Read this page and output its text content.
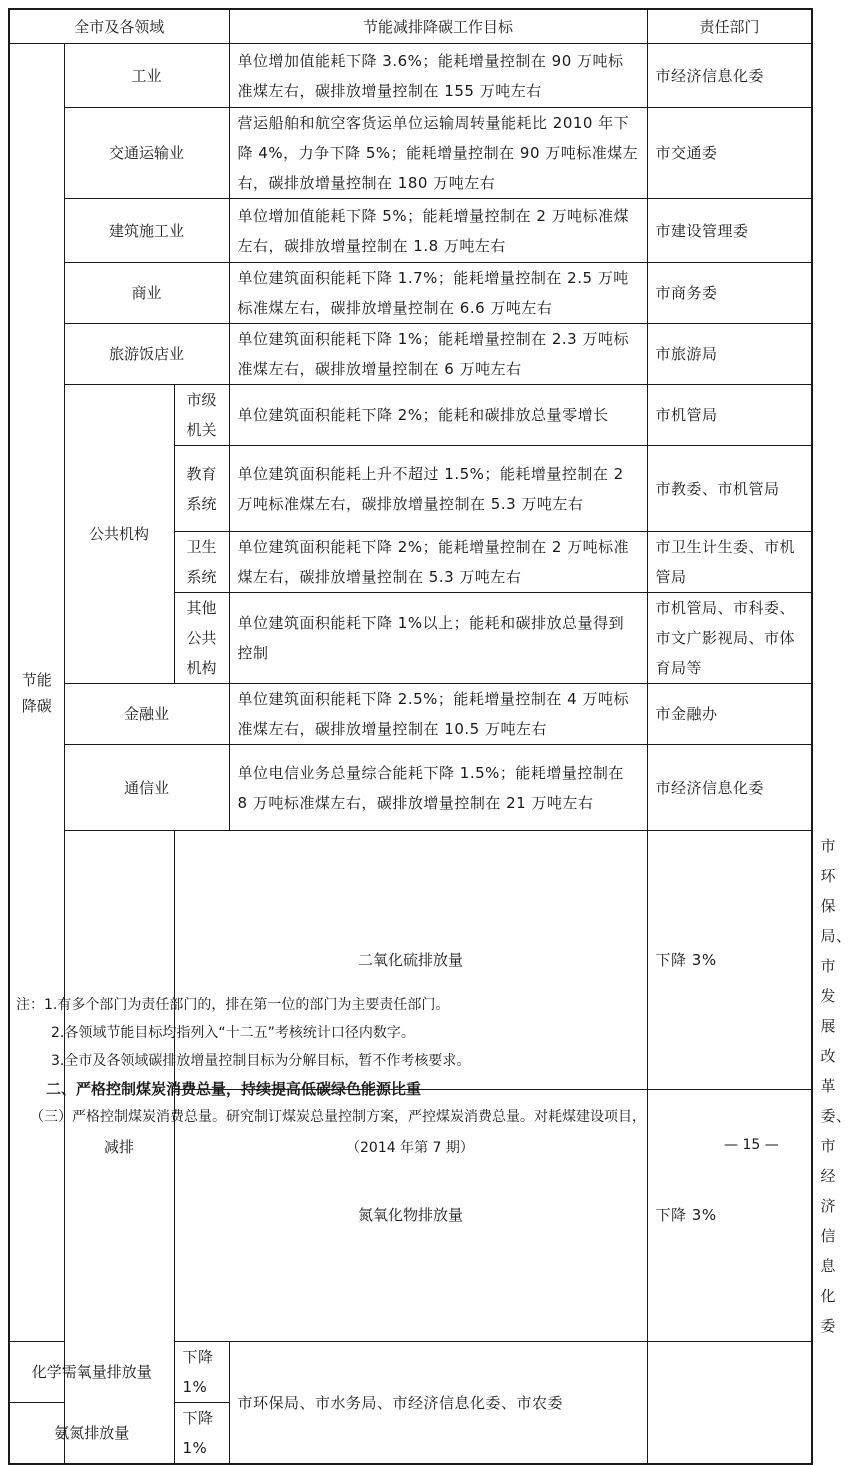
全市及各领域			节能减排降碳工作目标	责任部门	
节能
降碳	工业		单位增加值能耗下降 3.6%；能耗增量控制在 90 万吨标准煤左右，碳排放增量控制在 155 万吨左右	市经济信息化委	
	交通运输业		营运船舶和航空客货运单位运输周转量能耗比 2010 年下降 4%，力争下降 5%；能耗增量控制在 90 万吨标准煤左右，碳排放增量控制在 180 万吨左右	市交通委	
	建筑施工业		单位增加值能耗下降 5%；能耗增量控制在 2 万吨标准煤左右，碳排放增量控制在 1.8 万吨左右	市建设管理委	
	商业		单位建筑面积能耗下降 1.7%；能耗增量控制在 2.5 万吨标准煤左右，碳排放增量控制在 6.6 万吨左右	市商务委	
	旅游饭店业		单位建筑面积能耗下降 1%；能耗增量控制在 2.3 万吨标准煤左右，碳排放增量控制在 6 万吨左右	市旅游局	
	公共机构	市级
机关	单位建筑面积能耗下降 2%；能耗和碳排放总量零增长	市机管局	
		教育
系统	单位建筑面积能耗上升不超过 1.5%；能耗增量控制在 2 万吨标准煤左右，碳排放增量控制在 5.3 万吨左右	市教委、市机管局	
		卫生
系统	单位建筑面积能耗下降 2%；能耗增量控制在 2 万吨标准煤左右，碳排放增量控制在 5.3 万吨左右	市卫生计生委、市机管局	
		其他
公共
机构	单位建筑面积能耗下降 1%以上；能耗和碳排放总量得到控制	市机管局、市科委、市文广影视局、市体育局等	
	金融业		单位建筑面积能耗下降 2.5%；能耗增量控制在 4 万吨标准煤左右，碳排放增量控制在 10.5 万吨左右	市金融办	
	通信业		单位电信业务总量综合能耗下降 1.5%；能耗增量控制在 8 万吨标准煤左右，碳排放增量控制在 21 万吨左右	市经济信息化委	
	减排	二氧化硫排放量		下降 3%	市环保局、市发展改革委、市经济信息化委
		氮氧化物排放量		下降 3%	
化学需氧量排放量		下降 1%	市环保局、市水务局、市经济信息化委、市农委		
氨氮排放量		下降 1%			
注：1.有多个部门为责任部门的，排在第一位的部门为主要责任部门。
2.各领域节能目标均指列入“十二五”考核统计口径内数字。
3.全市及各领域碳排放增量控制目标为分解目标，暂不作考核要求。
二、严格控制煤炭消费总量，持续提高低碳绿色能源比重
（三）严格控制煤炭消费总量。研究制订煤炭总量控制方案，严控煤炭消费总量。对耗煤建设项目，
（2014 年第 7 期）	— 15 —
